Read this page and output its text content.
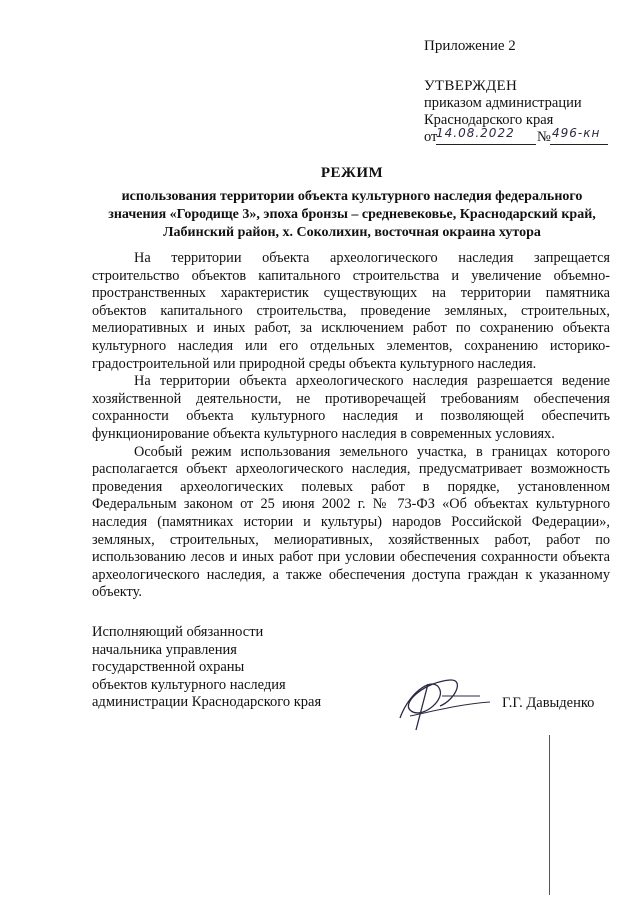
Приложение 2
УТВЕРЖДЕН
приказом администрации
Краснодарского края
от
14.08.2022 № 496-кн
РЕЖИМ
использования территории объекта культурного наследия федерального значения «Городище 3», эпоха бронзы – средневековье, Краснодарский край, Лабинский район, х. Соколихин, восточная окраина хутора

На территории объекта археологического наследия запрещается строительство объектов капитального строительства и увеличение объемно-пространственных характеристик существующих на территории памятника объектов капитального строительства, проведение земляных, строительных, мелиоративных и иных работ, за исключением работ по сохранению объекта культурного наследия или его отдельных элементов, сохранению историко-градостроительной или природной среды объекта культурного наследия.

На территории объекта археологического наследия разрешается ведение хозяйственной деятельности, не противоречащей требованиям обеспечения сохранности объекта культурного наследия и позволяющей обеспечить функционирование объекта культурного наследия в современных условиях.

Особый режим использования земельного участка, в границах которого располагается объект археологического наследия, предусматривает возможность проведения археологических полевых работ в порядке, установленном Федеральным законом от 25 июня 2002 г. № 73-ФЗ «Об объектах культурного наследия (памятниках истории и культуры) народов Российской Федерации», земляных, строительных, мелиоративных, хозяйственных работ, работ по использованию лесов и иных работ при условии обеспечения сохранности объекта археологического наследия, а также обеспечения доступа граждан к указанному объекту.

Исполняющий обязанности
начальника управления
государственной охраны
объектов культурного наследия
администрации Краснодарского края	Г.Г. Давыденко
